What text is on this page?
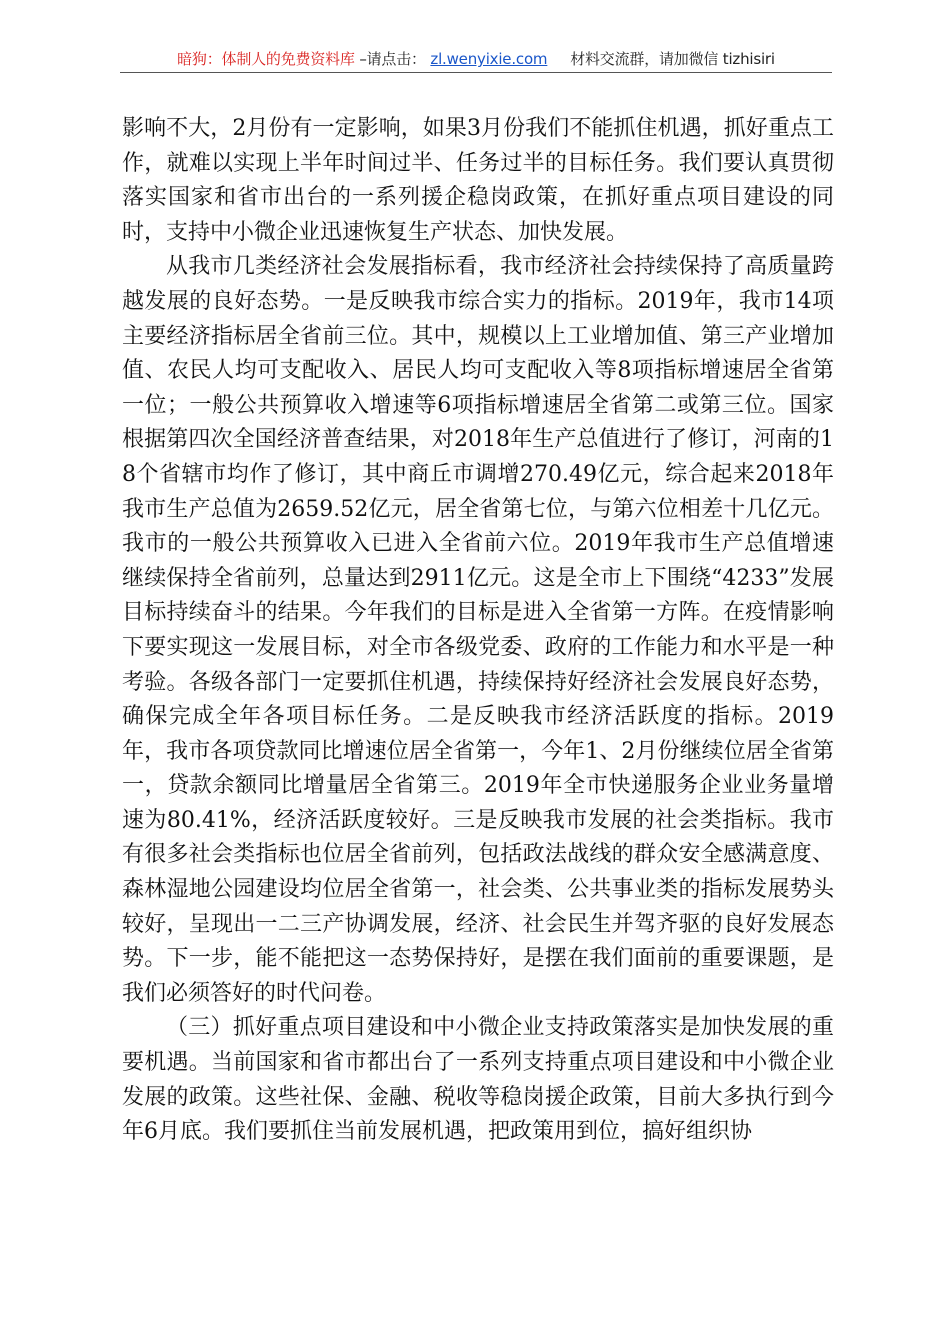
暗狗：体制人的免费资料库 –请点击： zl.wenyixie.com 材料交流群，请加微信 tizhisiri

影响不大，2月份有一定影响，如果3月份我们不能抓住机遇，抓好重点工作，就难以实现上半年时间过半、任务过半的目标任务。我们要认真贯彻落实国家和省市出台的一系列援企稳岗政策，在抓好重点项目建设的同时，支持中小微企业迅速恢复生产状态、加快发展。

从我市几类经济社会发展指标看，我市经济社会持续保持了高质量跨越发展的良好态势。一是反映我市综合实力的指标。2019年，我市14项主要经济指标居全省前三位。其中，规模以上工业增加值、第三产业增加值、农民人均可支配收入、居民人均可支配收入等8项指标增速居全省第一位；一般公共预算收入增速等6项指标增速居全省第二或第三位。国家根据第四次全国经济普查结果，对2018年生产总值进行了修订，河南的18个省辖市均作了修订，其中商丘市调增270.49亿元，综合起来2018年我市生产总值为2659.52亿元，居全省第七位，与第六位相差十几亿元。我市的一般公共预算收入已进入全省前六位。2019年我市生产总值增速继续保持全省前列，总量达到2911亿元。这是全市上下围绕“4233”发展目标持续奋斗的结果。今年我们的目标是进入全省第一方阵。在疫情影响下要实现这一发展目标，对全市各级党委、政府的工作能力和水平是一种考验。各级各部门一定要抓住机遇，持续保持好经济社会发展良好态势，确保完成全年各项目标任务。二是反映我市经济活跃度的指标。2019年，我市各项贷款同比增速位居全省第一，今年1、2月份继续位居全省第一，贷款余额同比增量居全省第三。2019年全市快递服务企业业务量增速为80.41%，经济活跃度较好。三是反映我市发展的社会类指标。我市有很多社会类指标也位居全省前列，包括政法战线的群众安全感满意度、森林湿地公园建设均位居全省第一，社会类、公共事业类的指标发展势头较好，呈现出一二三产协调发展，经济、社会民生并驾齐驱的良好发展态势。下一步，能不能把这一态势保持好，是摆在我们面前的重要课题，是我们必须答好的时代问卷。

（三）抓好重点项目建设和中小微企业支持政策落实是加快发展的重要机遇。当前国家和省市都出台了一系列支持重点项目建设和中小微企业发展的政策。这些社保、金融、税收等稳岗援企政策，目前大多执行到今年6月底。我们要抓住当前发展机遇，把政策用到位，搞好组织协
